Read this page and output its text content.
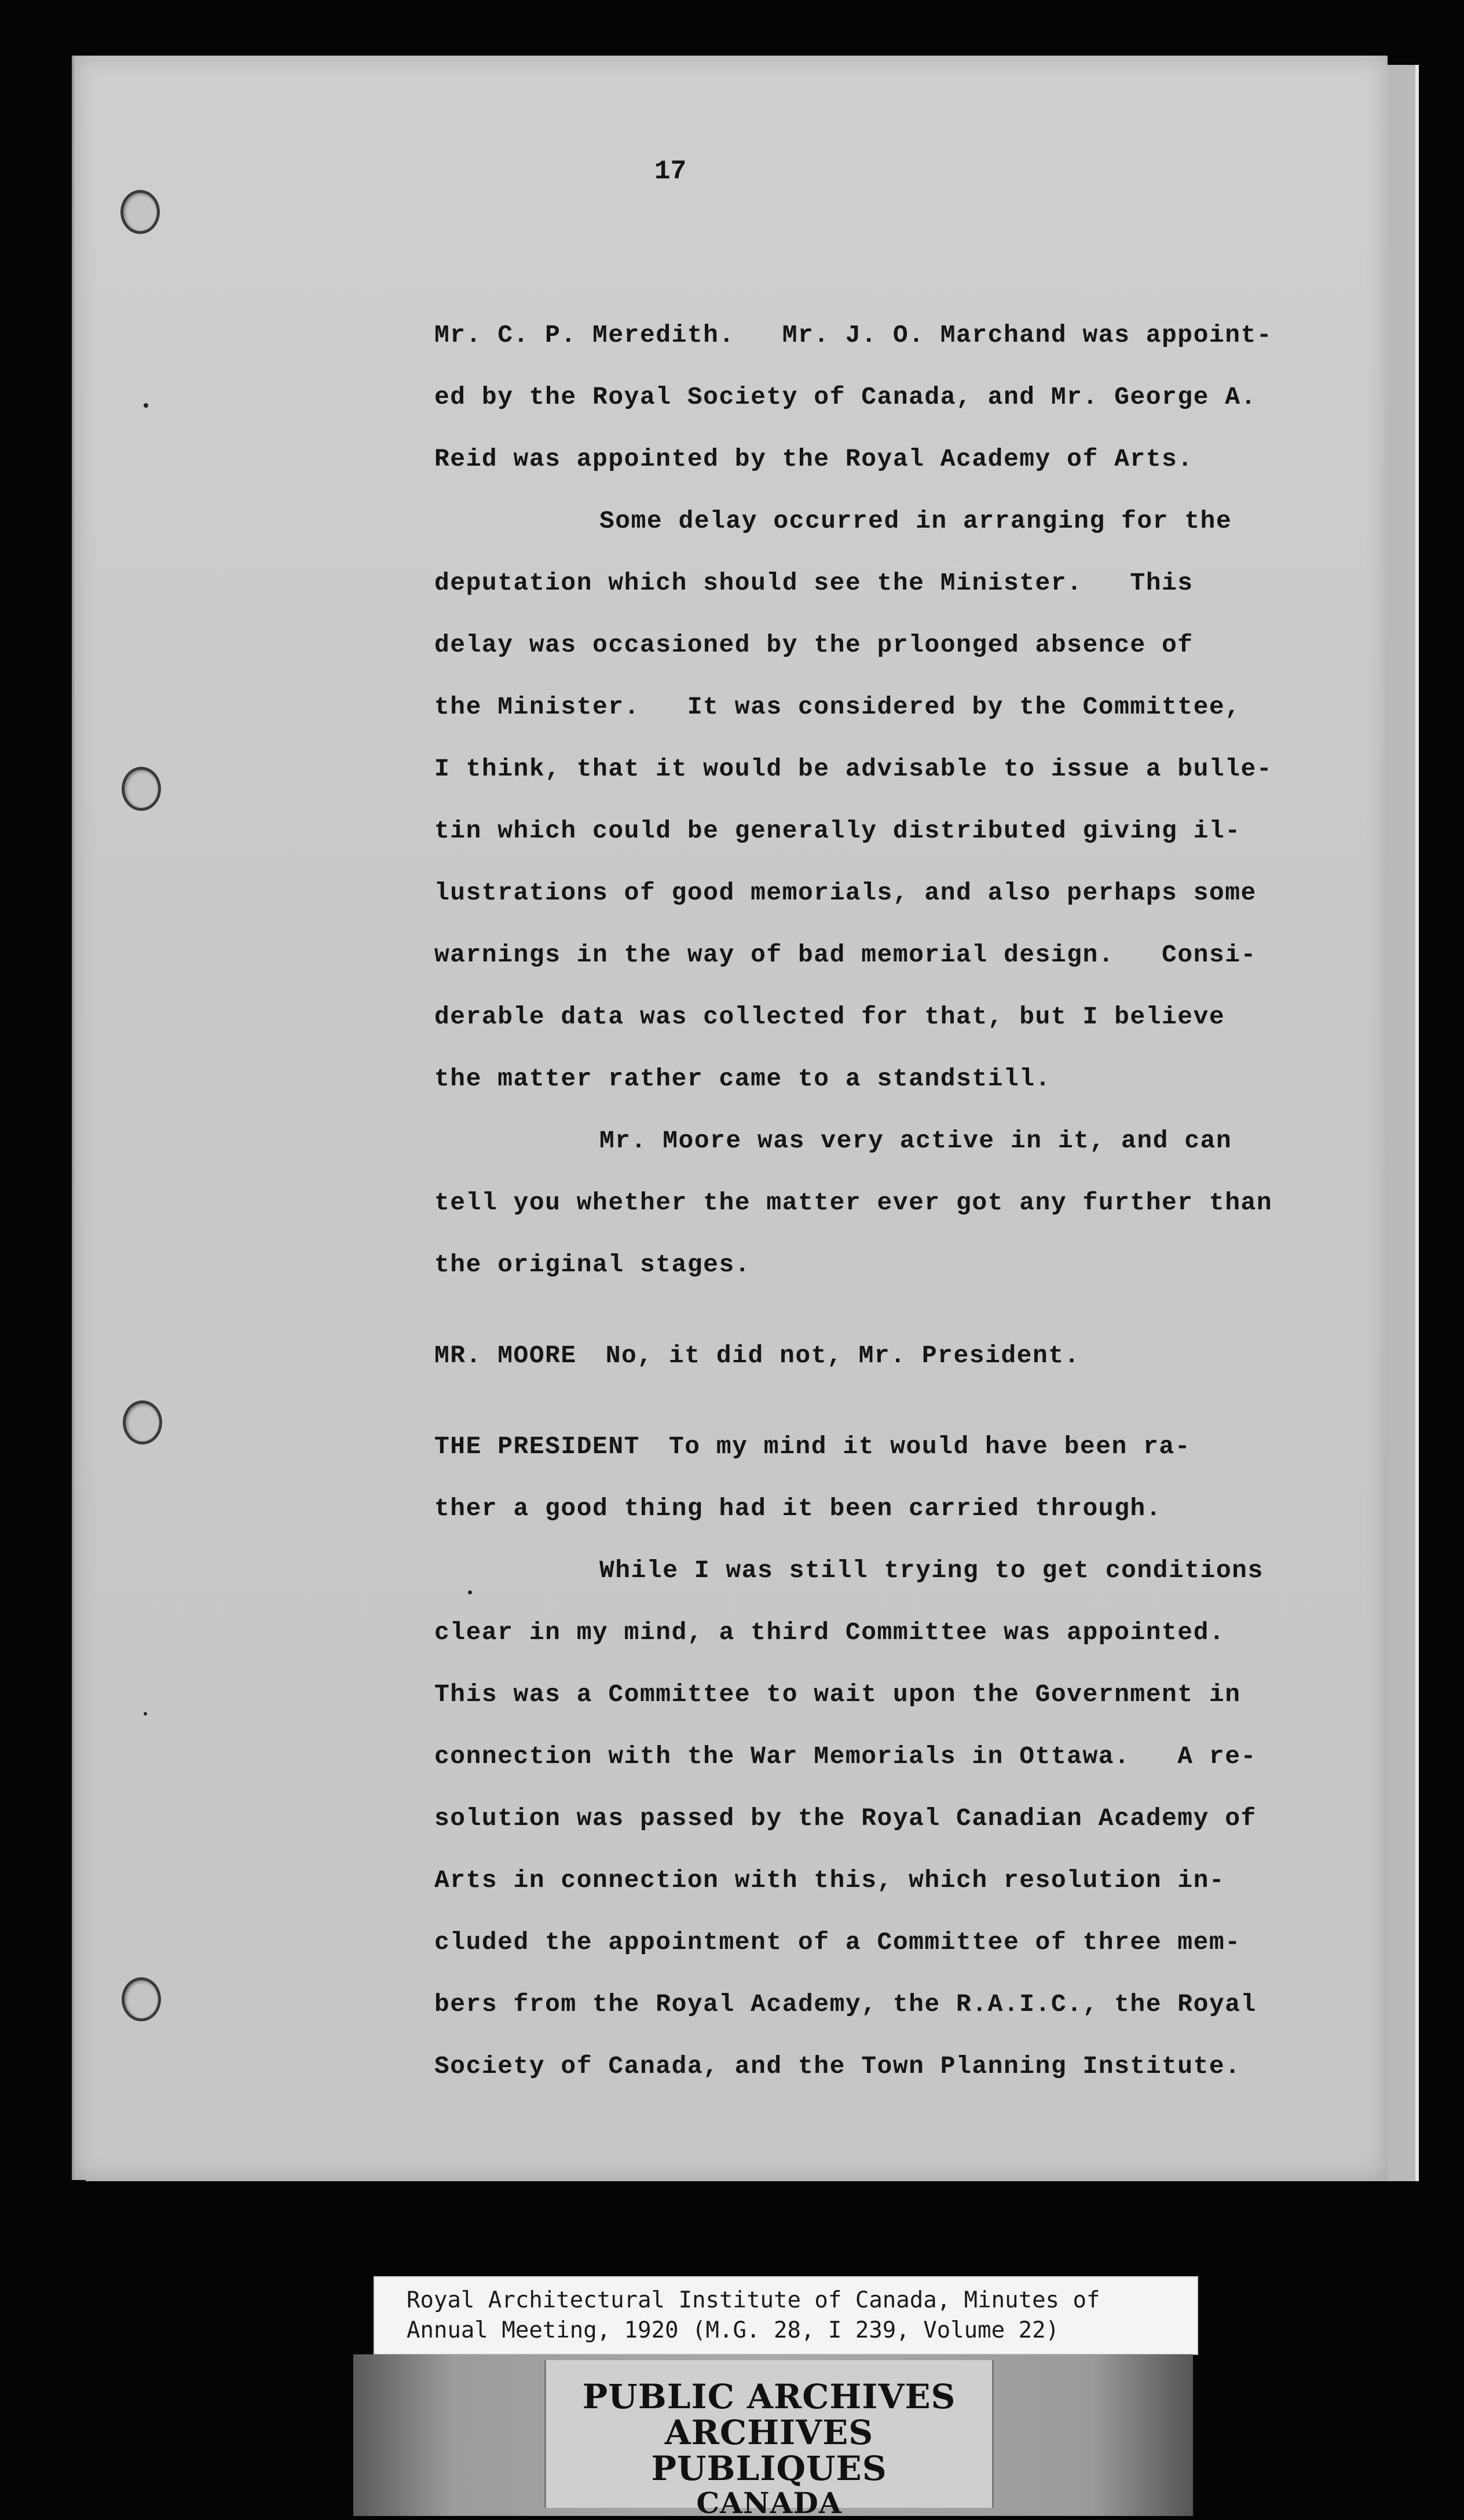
17

Mr. C. P. Meredith.   Mr. J. O. Marchand was appoint-

ed by the Royal Society of Canada, and Mr. George A.

Reid was appointed by the Royal Academy of Arts.

Some delay occurred in arranging for the

deputation which should see the Minister.   This

delay was occasioned by the prloonged absence of

the Minister.   It was considered by the Committee,

I think, that it would be advisable to issue a bulle-

tin which could be generally distributed giving il-

lustrations of good memorials, and also perhaps some

warnings in the way of bad memorial design.   Consi-

derable data was collected for that, but I believe

the matter rather came to a standstill.

Mr. Moore was very active in it, and can

tell you whether the matter ever got any further than

the original stages.

MR. MOORE No, it did not, Mr. President.

THE PRESIDENT To my mind it would have been ra-

ther a good thing had it been carried through.

While I was still trying to get conditions

clear in my mind, a third Committee was appointed.

This was a Committee to wait upon the Government in

connection with the War Memorials in Ottawa.   A re-

solution was passed by the Royal Canadian Academy of

Arts in connection with this, which resolution in-

cluded the appointment of a Committee of three mem-

bers from the Royal Academy, the R.A.I.C., the Royal

Society of Canada, and the Town Planning Institute.

Royal Architectural Institute of Canada, Minutes of

Annual Meeting, 1920 (M.G. 28, I 239, Volume 22)

PUBLIC ARCHIVES
ARCHIVES PUBLIQUES
CANADA
